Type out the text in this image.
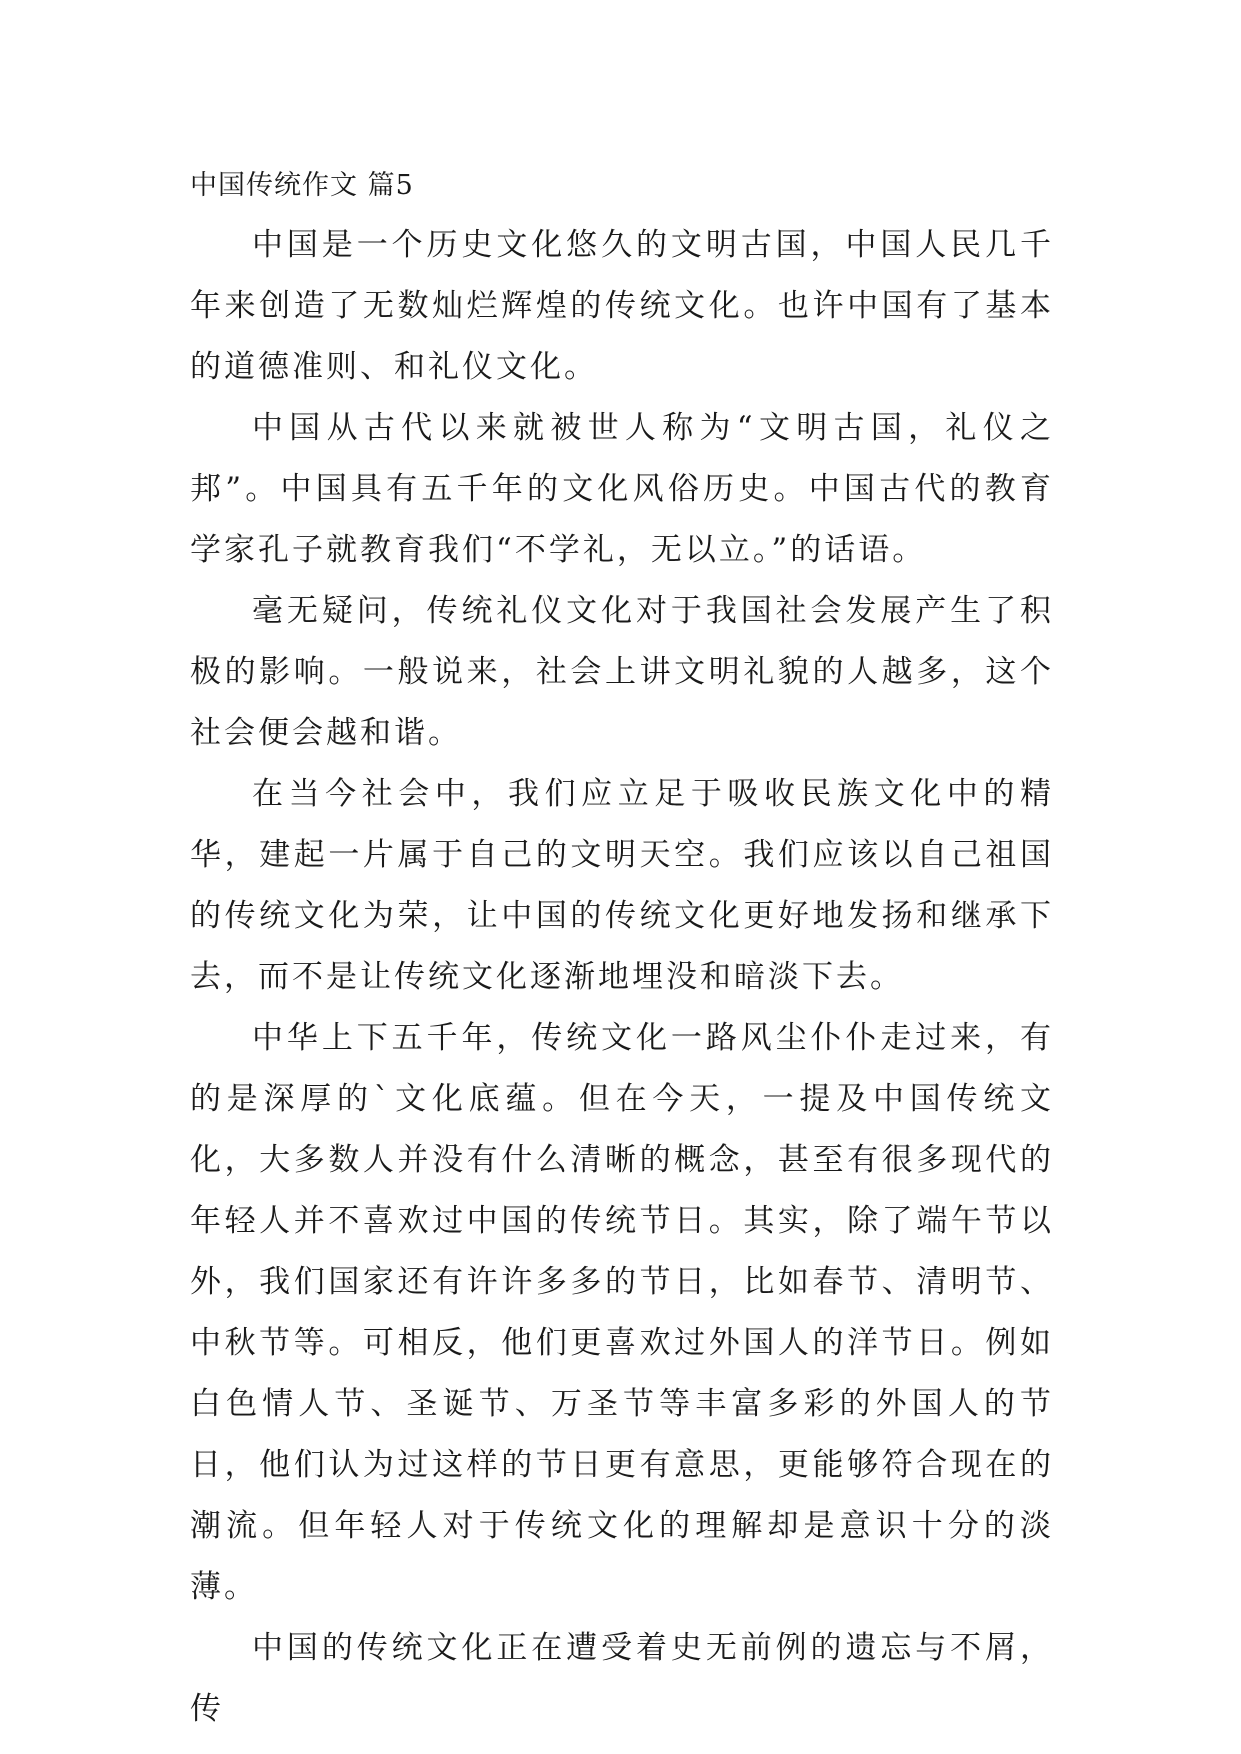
中国传统作文 篇5

中国是一个历史文化悠久的文明古国，中国人民几千年来创造了无数灿烂辉煌的传统文化。也许中国有了基本的道德准则、和礼仪文化。

中国从古代以来就被世人称为“文明古国，礼仪之邦”。中国具有五千年的文化风俗历史。中国古代的教育学家孔子就教育我们“不学礼，无以立。”的话语。

毫无疑问，传统礼仪文化对于我国社会发展产生了积极的影响。一般说来，社会上讲文明礼貌的人越多，这个社会便会越和谐。

在当今社会中，我们应立足于吸收民族文化中的精华，建起一片属于自己的文明天空。我们应该以自己祖国的传统文化为荣，让中国的传统文化更好地发扬和继承下去，而不是让传统文化逐渐地埋没和暗淡下去。

中华上下五千年，传统文化一路风尘仆仆走过来，有的是深厚的`文化底蕴。但在今天，一提及中国传统文化，大多数人并没有什么清晰的概念，甚至有很多现代的年轻人并不喜欢过中国的传统节日。其实，除了端午节以外，我们国家还有许许多多的节日，比如春节、清明节、中秋节等。可相反，他们更喜欢过外国人的洋节日。例如白色情人节、圣诞节、万圣节等丰富多彩的外国人的节日，他们认为过这样的节日更有意思，更能够符合现在的潮流。但年轻人对于传统文化的理解却是意识十分的淡薄。

中国的传统文化正在遭受着史无前例的遗忘与不屑，传
